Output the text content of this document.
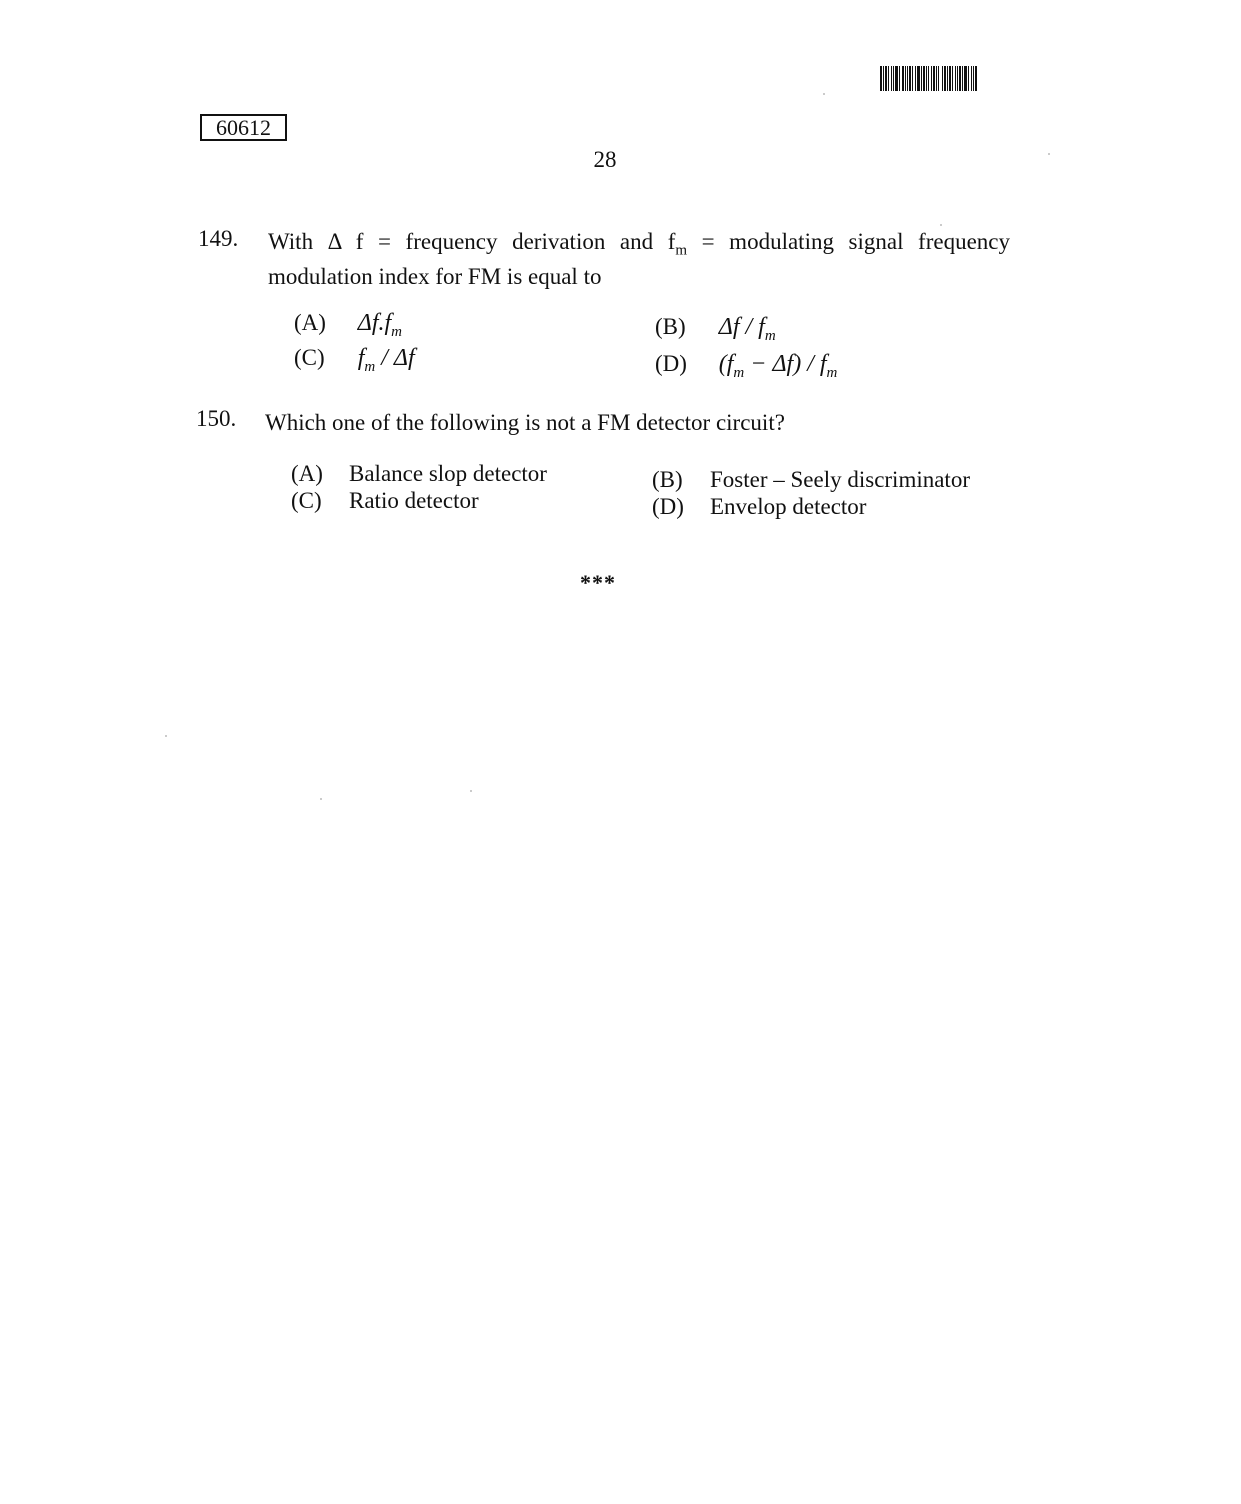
60612
28
149. With Δ f = frequency derivation and $f_m$ = modulating signal frequency
modulation index for FM is equal to
(A) $\Delta f.f_m$	(B) Δf / $f_m$
(C) $f_m$ / Δf	(D) $(f_m - \Delta f) / f_m$
150. Which one of the following is not a FM detector circuit?
(A) Balance slop detector	(B) Foster – Seely discriminator
(C) Ratio detector	(D) Envelop detector
***
